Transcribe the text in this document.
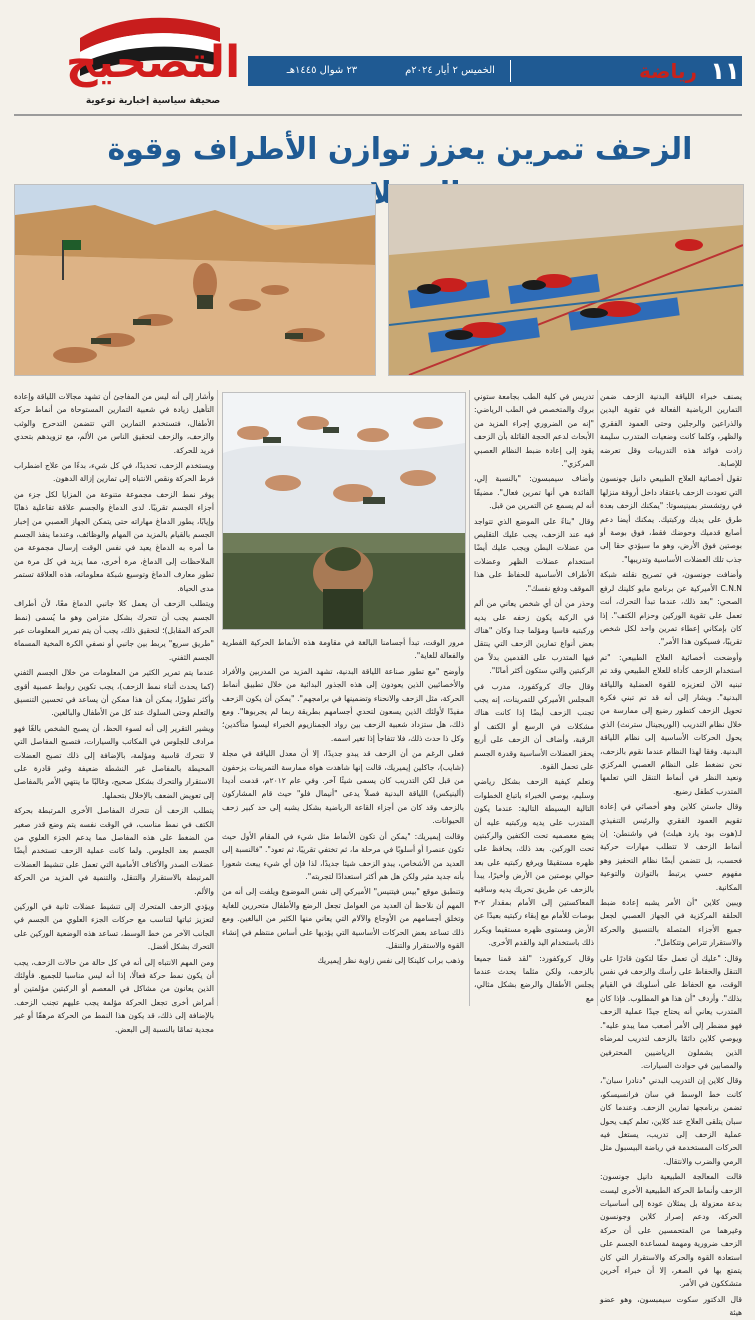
١١
رياضة
الخميس ٢ أيار ٢٠٢٤م
٢٣ شوال ١٤٤٥هـ
التصحيح
صحيفة سياسية إخبارية توعوية
الزحف تمرين يعزز توازن الأطراف وقوة

يصنف خبراء اللياقة البدنية الزحف ضمن التمارين الرياضية الفعالة في تقوية اليدين والذراعين والرجلين وحتى العمود الفقري والظهر، وكلما كانت وضعيات المتدرب سليمة زادت فوائد هذه التدريبات وقل تعرضه للإصابة.

تقول أخصائية العلاج الطبيعي دانيل جونسون التي تعودت الزحف باعتقاد داخل أروقة منزلها في روتشستر بمينيسوتا: "يمكنك الزحف بعدة طرق على يديك وركبتيك. يمكنك أيضا دعم أصابع قدميك وحوضك فقط، فوق بوصة أو بوصتين فوق الأرض، وهو ما سيؤدي حقا إلى جذب تلك العضلات الأساسية وتدريبها".

وأضافت جونسون، في تصريح نقلته شبكة C.N.N الأميركية عن برنامج مايو كلينك لرفع الصحي: "بعد ذلك، عندما تبدأ التحرك، أنت تعمل على تقوية الوركين وحزام الكتف". إذا كان بإمكاني إعطاء تمرين واحد لكل شخص تقريبًا، فسيكون هذا الأمر".

وأوضحت أخصائية العلاج الطبيعي: "تم استخدام الزحف كأداة للعلاج الطبيعي وقد تم تبنيه الآن لتعزيزه للقوة العضلية واللياقة البدنية". ويشار إلى أنه قد تم تبني فكرة تحويل الزحف كتطور رضيع إلى ممارسة من خلال نظام التدريب (الوريجينال سترنث) الذي يحول الحركات الأساسية إلى نظام اللياقة البدنية. وفقا لهذا النظام عندما نقوم بالزحف، نحن نضغط على النظام العصبي المركزي ونعيد النظر في أنماط التنقل التي تعلمها المتدرب كطفل رضيع.

وقال جاستن كلاين وهو أخصائي في إعادة تقويم العمود الفقري والرئيس التنفيذي لـ(هوت بود يارد هيلث) في واشنطن: إن أنماط الزحف لا تتطلب مهارات حركية فحسب، بل تتضمن أيضًا نظام التحفيز وهو مفهوم حسي يرتبط بالتوازن والتوعية المكانية.

ويبين كلاين "أن الأمر يشبه إعادة ضبط الحلقة المركزية في الجهاز العصبي لجعل جميع الأجزاء المتصلة بالتنسيق والحركة والاستقرار تتراص وتتكامل".

وقال: "عليك أن تعمل حقًا لتكون قادرًا على التنقل والحفاظ على رأسك والزحف في نفس الوقت، مع الحفاظ على أسلوبك في القيام بذلك". وأردف "أن هذا هو المطلوب. فإذا كان المتدرب يعاني أنه يحتاج جيدًا عملية الزحف فهو مضطر إلى الأمر أصعب مما يبدو عليه". ويوصي كلاين دائمًا بالزحف لتدريب لمرضاه الذين يشملون الرياضيين المحترفين والمصابين في حوادث السيارات.

وقال كلاين إن التدريب البدني "دنادرا سبان"، كانت خط الوسط في سان فرانسيسكو، تضمن برنامجها تمارين الزحف. وعندما كان سبان يتلقى العلاج عند كلاين، تعلم كيف يحول عملية الزحف إلى تدريب، يستغل فيه الحركات المستخدمة في رياضة البيسبول مثل الرمي والضرب والانتقال.

قالت المعالجة الطبيعية دانيل جونسون: الزحف وأنماط الحركة الطبيعية الأخرى ليست بدعة معزولة بل يمثلان عودة إلى أساسيات الحركة، ودعم إصرار كلاين وجونسون وغيرهما من المتحمسين على أن حركة الزحف ضرورية ومهمة لمساعدة الجسم على استعادة القوة والحركة والاستقرار التي كان يتمتع بها في الصغر، إلا أن خبراء آخرين متشككون في الأمر.

قال الدكتور سكوت سيمبسون، وهو عضو هيئة

تدريس في كلية الطب بجامعة ستوني بروك والمتخصص في الطب الرياضي: "إنه من الضروري إجراء المزيد من الأبحاث لدعم الحجة القائلة بأن الزحف يقود إلى إعادة ضبط النظام العصبي المركزي".

وأضاف سيمبسون: "بالنسبة إلي، الفائدة هي أنها تمرين فعال". مضيفًا أنه لم يسمع عن التمرين من قبل.

وقال "بناءً على الموضع الذي تتواجد فيه عند الزحف، يجب عليك التقليص من عضلات البطن ويجب عليك أيضًا استخدام عضلات الظهر وعضلات الأطراف الأساسية للحفاظ على هذا الموقف ودفع نفسك".

وحذر من أن أي شخص يعاني من ألم في الركبة يكون زحفه على يديه وركبتيه قاسيا ومؤلما جدا وكان "هناك بعض أنواع تمارين الزحف التي ينتقل فيها المتدرب على القدمين بدلاً من الركبتين والتي ستكون أكثر أمانًا".

وقال جاك كروكفورد، مدرب في المجلس الأميركي للتمرينات، إنه يجب تجنب الزحف أيضًا إذا كانت هناك مشكلات في الرسغ أو الكتف أو الرقبة، وأضاف أن الزحف على أربع يحفز العضلات الأساسية وقدرة الجسم على تحمل القوة.

وتعلم كيفية الزحف بشكل رياضي وسليم، يوصي الخبراء باتباع الخطوات التالية البسيطة التالية: عندما يكون المتدرب على يديه وركبتيه عليه أن يضع معصميه تحت الكتفين والركبتين تحت الوركين. بعد ذلك، يحافظ على ظهره مستقيمًا ويرفع ركبتيه على بعد حوالي بوصتين من الأرض وأخيرًا، يبدأ بالزحف عن طريق تحريك يديه وساقيه المعاكستين إلى الأمام بمقدار ٢-٣ بوصات للأمام مع إبقاء ركبتيه بعيدًا عن الأرض ومستوى ظهره مستقيما ويكرر ذلك باستخدام اليد والقدم الأخرى.

وقال كروكفورد: "لقد قمنا جميعا بالزحف، ولكن مثلما يحدث عندما يجلس الأطفال والرضع بشكل مثالي، مع

مرور الوقت، تبدأ أجسامنا البالغة في مقاومة هذه الأنماط الحركية الفطرية والفعالة للغاية".

وأوضح "مع تطور صناعة اللياقة البدنية، تشهد المزيد من المدربين والأفراد والأخصائيين الذين يعودون إلى هذه الجذور البدائية من خلال تطبيق أنماط الحركة، مثل الزحف والانحناء وتضمينها في برامجهم". "يمكن أن يكون الزحف مفيدًا لأولئك الذين يسعون لتحدي أجسامهم بطريقة ربما لم يجربوها". ومع ذلك، هل ستزداد شعبية الزحف بين رواد الجمنازيوم الخبراء ليسوا متأكدين؛ وكل ذا حدث ذلك، فلا تتفاجأ إذا تغير اسمه.

فعلى الرغم من أن الزحف قد يبدو جديدًا، إلا أن معدل اللياقة في مجلة (شايب)، جاكلين إيميريك، قالت إنها شاهدت هواة ممارسة التمرينات يزحفون من قبل لكن التدريب كان يسمى شيئًا آخر. وفي عام ٢٠١٢م، قدمت أديدا (ألينيكس) اللياقة البدنية فصلاً يدعى "أنيمال فلو" حيث قام المشاركون بالزحف وقد كان من أجزاء القاعة الرياضية بشكل يشبه إلى حد كبير زحف الحيوانات.

وقالت إيميريك: "يمكن أن تكون الأنماط مثل شيء في المقام الأول حيث تكون عنصرا أو أسلوبًا في مرحلة ما، ثم تختفي تقريبًا، ثم تعود". "فالنسبة إلى العديد من الأشخاص، يبدو الزحف شيئا جديدًا، لذا فإن أي شيء يبعث شعورا بأنه جديد مثير ولكن هل هم أكثر استعدادًا لتجربته".

وتنطبق موقع "بيس فيتنيس" الأميركي إلى نفس الموضوع ويلفت إلى أنه من المهم أن نلاحظ أن العديد من العوامل تجعل الرضع والأطفال متحررين للغاية وتخلق أجسامهم من الأوجاع والآلام التي يعاني منها الكثير من البالغين. ومع ذلك تساعد بعض الحركات الأساسية التي يؤديها على أساس منتظم في إنشاء القوة والاستقرار والتنقل.

وذهب براب كلينكا إلى نفس زاوية نظر إيميريك

وأشار إلى أنه ليس من المفاجئ أن تشهد مجالات اللياقة وإعادة التأهيل زيادة في شعبية التمارين المستوحاة من أنماط حركة الأطفال، فتستخدم التمارين التي تتضمن التدحرج والوثب والزحف، والزحف لتحقيق الناس من الألم، مع تزويدهم بتحدي فريد للحركة.

ويستخدم الزحف، تحديدًا، في كل شيء، بدءًا من علاج اضطراب فرط الحركة ونقص الانتباه إلى تمارين إزالة الدهون.

يوفر نمط الزحف مجموعة متنوعة من المزايا لكل جزء من أجزاء الجسم تقريبًا. لدى الدماغ والجسم علاقة تفاعلية ذهابًا وإيابًا، يطور الدماغ مهاراته حتى يتمكن الجهاز العصبي من إخبار الجسم بالقيام بالمزيد من المهام والوظائف، وعندما ينفذ الجسم ما أمره به الدماغ يعيد في نفس الوقت إرسال مجموعة من الملاحظات إلى الدماغ، مرة أخرى، مما يزيد في كل مرة من تطور معارف الدماغ وتوسيع شبكة معلوماته، هذه العلاقة تستمر مدى الحياة.

ويتطلب الزحف أن يعمل كلا جانبي الدماغ معًا، لأن أطراف الجسم يجب أن تتحرك بشكل متزامن وهو ما يُسمى (نمط الحركة المقابل)؛ لتحقيق ذلك، يجب أن يتم تمرير المعلومات عبر "طريق سريع" يربط بين جانبي أو نصفي الكرة المخية المسماة الجسم الثفني.

عندما يتم تمرير الكثير من المعلومات من خلال الجسم الثفني (كما يحدث أثناء نمط الزحف)، يجب تكوين روابط عصبية أقوى وأكثر تطورًا، يمكن أن هذا ممكن أن يساعد في تحسين التنسيق والتعلم وحتى السلوك عند كل من الأطفال والبالغين.

ويشير التقرير إلى أنه لسوء الحظ، أن يصبح الشخص بالغًا فهو مرادف للجلوس في المكاتب والسيارات، فتصبح المفاصل التي لا تتحرك قاسية ومؤلمة، بالإضافة إلى ذلك تصبح العضلات المحيطة بالمفاصل غير النشطة ضعيفة وغير قادرة على الاستقرار والتحرك بشكل صحيح، وغالبًا ما ينتهي الأمر بالمفاصل إلى تعويض الضعف بالإخلال بتحملها.

يتطلب الزحف أن تتحرك المفاصل الأخرى المرتبطة بحركة الكتف في نمط مناسب، في الوقت نفسه يتم وضع قدر صغير من الضغط على هذه المفاصل مما يدعم الجزء العلوي من الجسم بعد الجلوس. ولما كانت عملية الزحف تستخدم أيضًا عضلات الصدر والأكتاف الأمامية التي تعمل على تنشيط العضلات المرتبطة بالاستقرار والتنقل، والتنمية في المزيد من الحركة والألم.

ويؤدي الزحف المتحرك إلى تنشيط عضلات ثانية في الوركين لتعزيز ثباتها لتناسب مع حركات الجزء العلوي من الجسم في الجانب الآخر من خط الوسط، تساعد هذه الوضعية الوركين على التحرك بشكل أفضل.

ومن المهم الانتباه إلى أنه في كل حالة من حالات الزحف، يجب أن يكون نمط حركة فعالًا، إذا أنه ليس مناسبا للجميع. فأولئك الذين يعانون من مشاكل في المعصم أو الركبتين مؤلمتين أو أمراض أخرى تجعل الحركة مؤلمة يجب عليهم تجنب الزحف. بالإضافة إلى ذلك، قد يكون هذا النمط من الحركة مرهقًا أو غير مجدية تمامًا بالنسبة إلى البعض.
